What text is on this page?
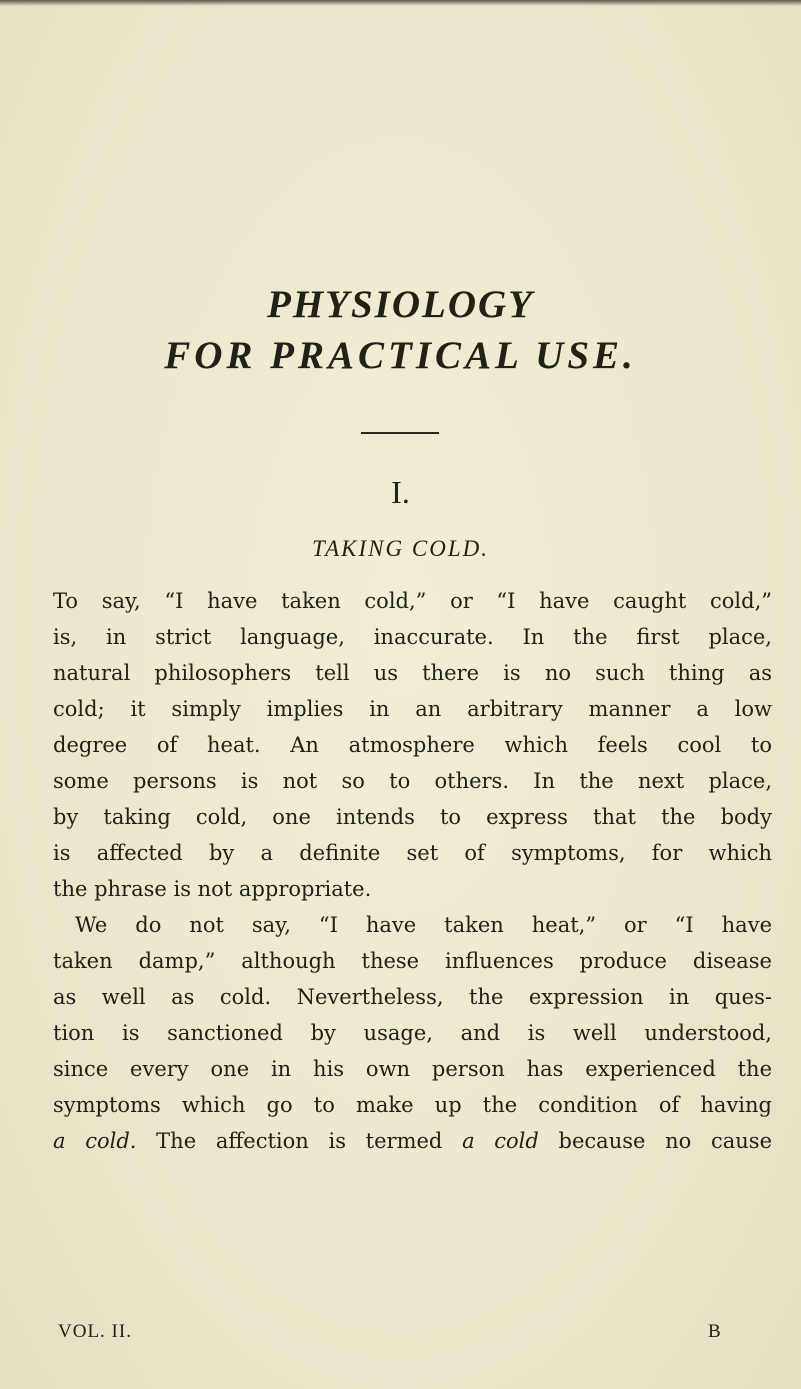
PHYSIOLOGY
FOR PRACTICAL USE.
I.
TAKING COLD.
To say, “I have taken cold,” or “I have caught cold,”
is, in strict language, inaccurate. In the first place,
natural philosophers tell us there is no such thing as
cold; it simply implies in an arbitrary manner a low
degree of heat. An atmosphere which feels cool to
some persons is not so to others. In the next place,
by taking cold, one intends to express that the body
is affected by a definite set of symptoms, for which
the phrase is not appropriate.
We do not say, “I have taken heat,” or “I have
taken damp,” although these influences produce disease
as well as cold. Nevertheless, the expression in ques-
tion is sanctioned by usage, and is well understood,
since every one in his own person has experienced the
symptoms which go to make up the condition of having
a cold. The affection is termed a cold because no cause
VOL. II.	B
